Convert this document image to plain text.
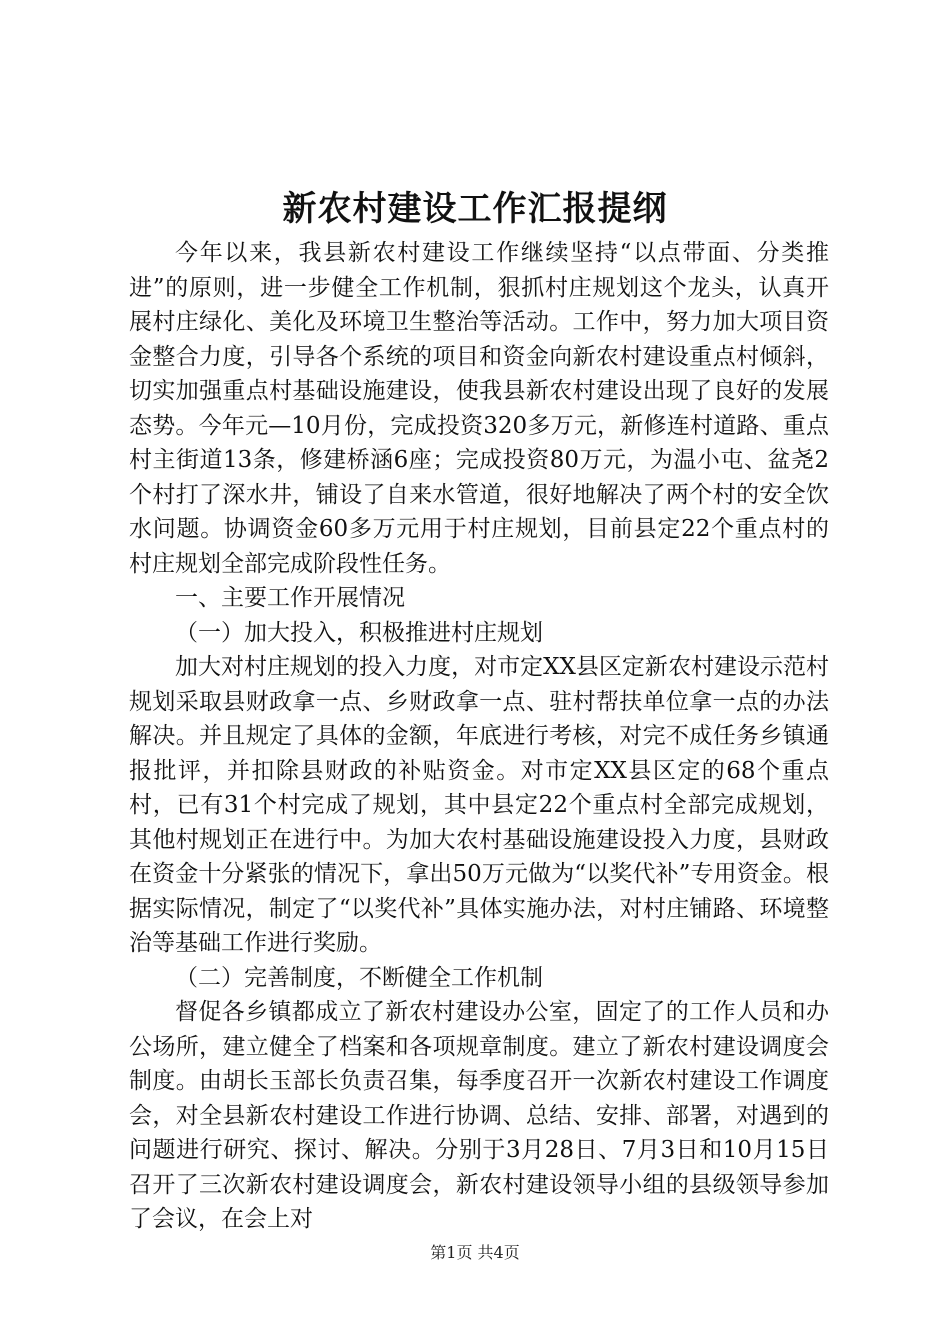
新农村建设工作汇报提纲

今年以来，我县新农村建设工作继续坚持“以点带面、分类推进”的原则，进一步健全工作机制，狠抓村庄规划这个龙头，认真开展村庄绿化、美化及环境卫生整治等活动。工作中，努力加大项目资金整合力度，引导各个系统的项目和资金向新农村建设重点村倾斜，切实加强重点村基础设施建设，使我县新农村建设出现了良好的发展态势。今年元—10月份，完成投资320多万元，新修连村道路、重点村主街道13条，修建桥涵6座；完成投资80万元，为温小屯、盆尧2个村打了深水井，铺设了自来水管道，很好地解决了两个村的安全饮水问题。协调资金60多万元用于村庄规划，目前县定22个重点村的村庄规划全部完成阶段性任务。

一、主要工作开展情况

（一）加大投入，积极推进村庄规划

加大对村庄规划的投入力度，对市定XX县区定新农村建设示范村规划采取县财政拿一点、乡财政拿一点、驻村帮扶单位拿一点的办法解决。并且规定了具体的金额，年底进行考核，对完不成任务乡镇通报批评，并扣除县财政的补贴资金。对市定XX县区定的68个重点村，已有31个村完成了规划，其中县定22个重点村全部完成规划，其他村规划正在进行中。为加大农村基础设施建设投入力度，县财政在资金十分紧张的情况下，拿出50万元做为“以奖代补”专用资金。根据实际情况，制定了“以奖代补”具体实施办法，对村庄铺路、环境整治等基础工作进行奖励。

（二）完善制度，不断健全工作机制

督促各乡镇都成立了新农村建设办公室，固定了的工作人员和办公场所，建立健全了档案和各项规章制度。建立了新农村建设调度会制度。由胡长玉部长负责召集，每季度召开一次新农村建设工作调度会，对全县新农村建设工作进行协调、总结、安排、部署，对遇到的问题进行研究、探讨、解决。分别于3月28日、7月3日和10月15日召开了三次新农村建设调度会，新农村建设领导小组的县级领导参加了会议，在会上对

第1页 共4页
